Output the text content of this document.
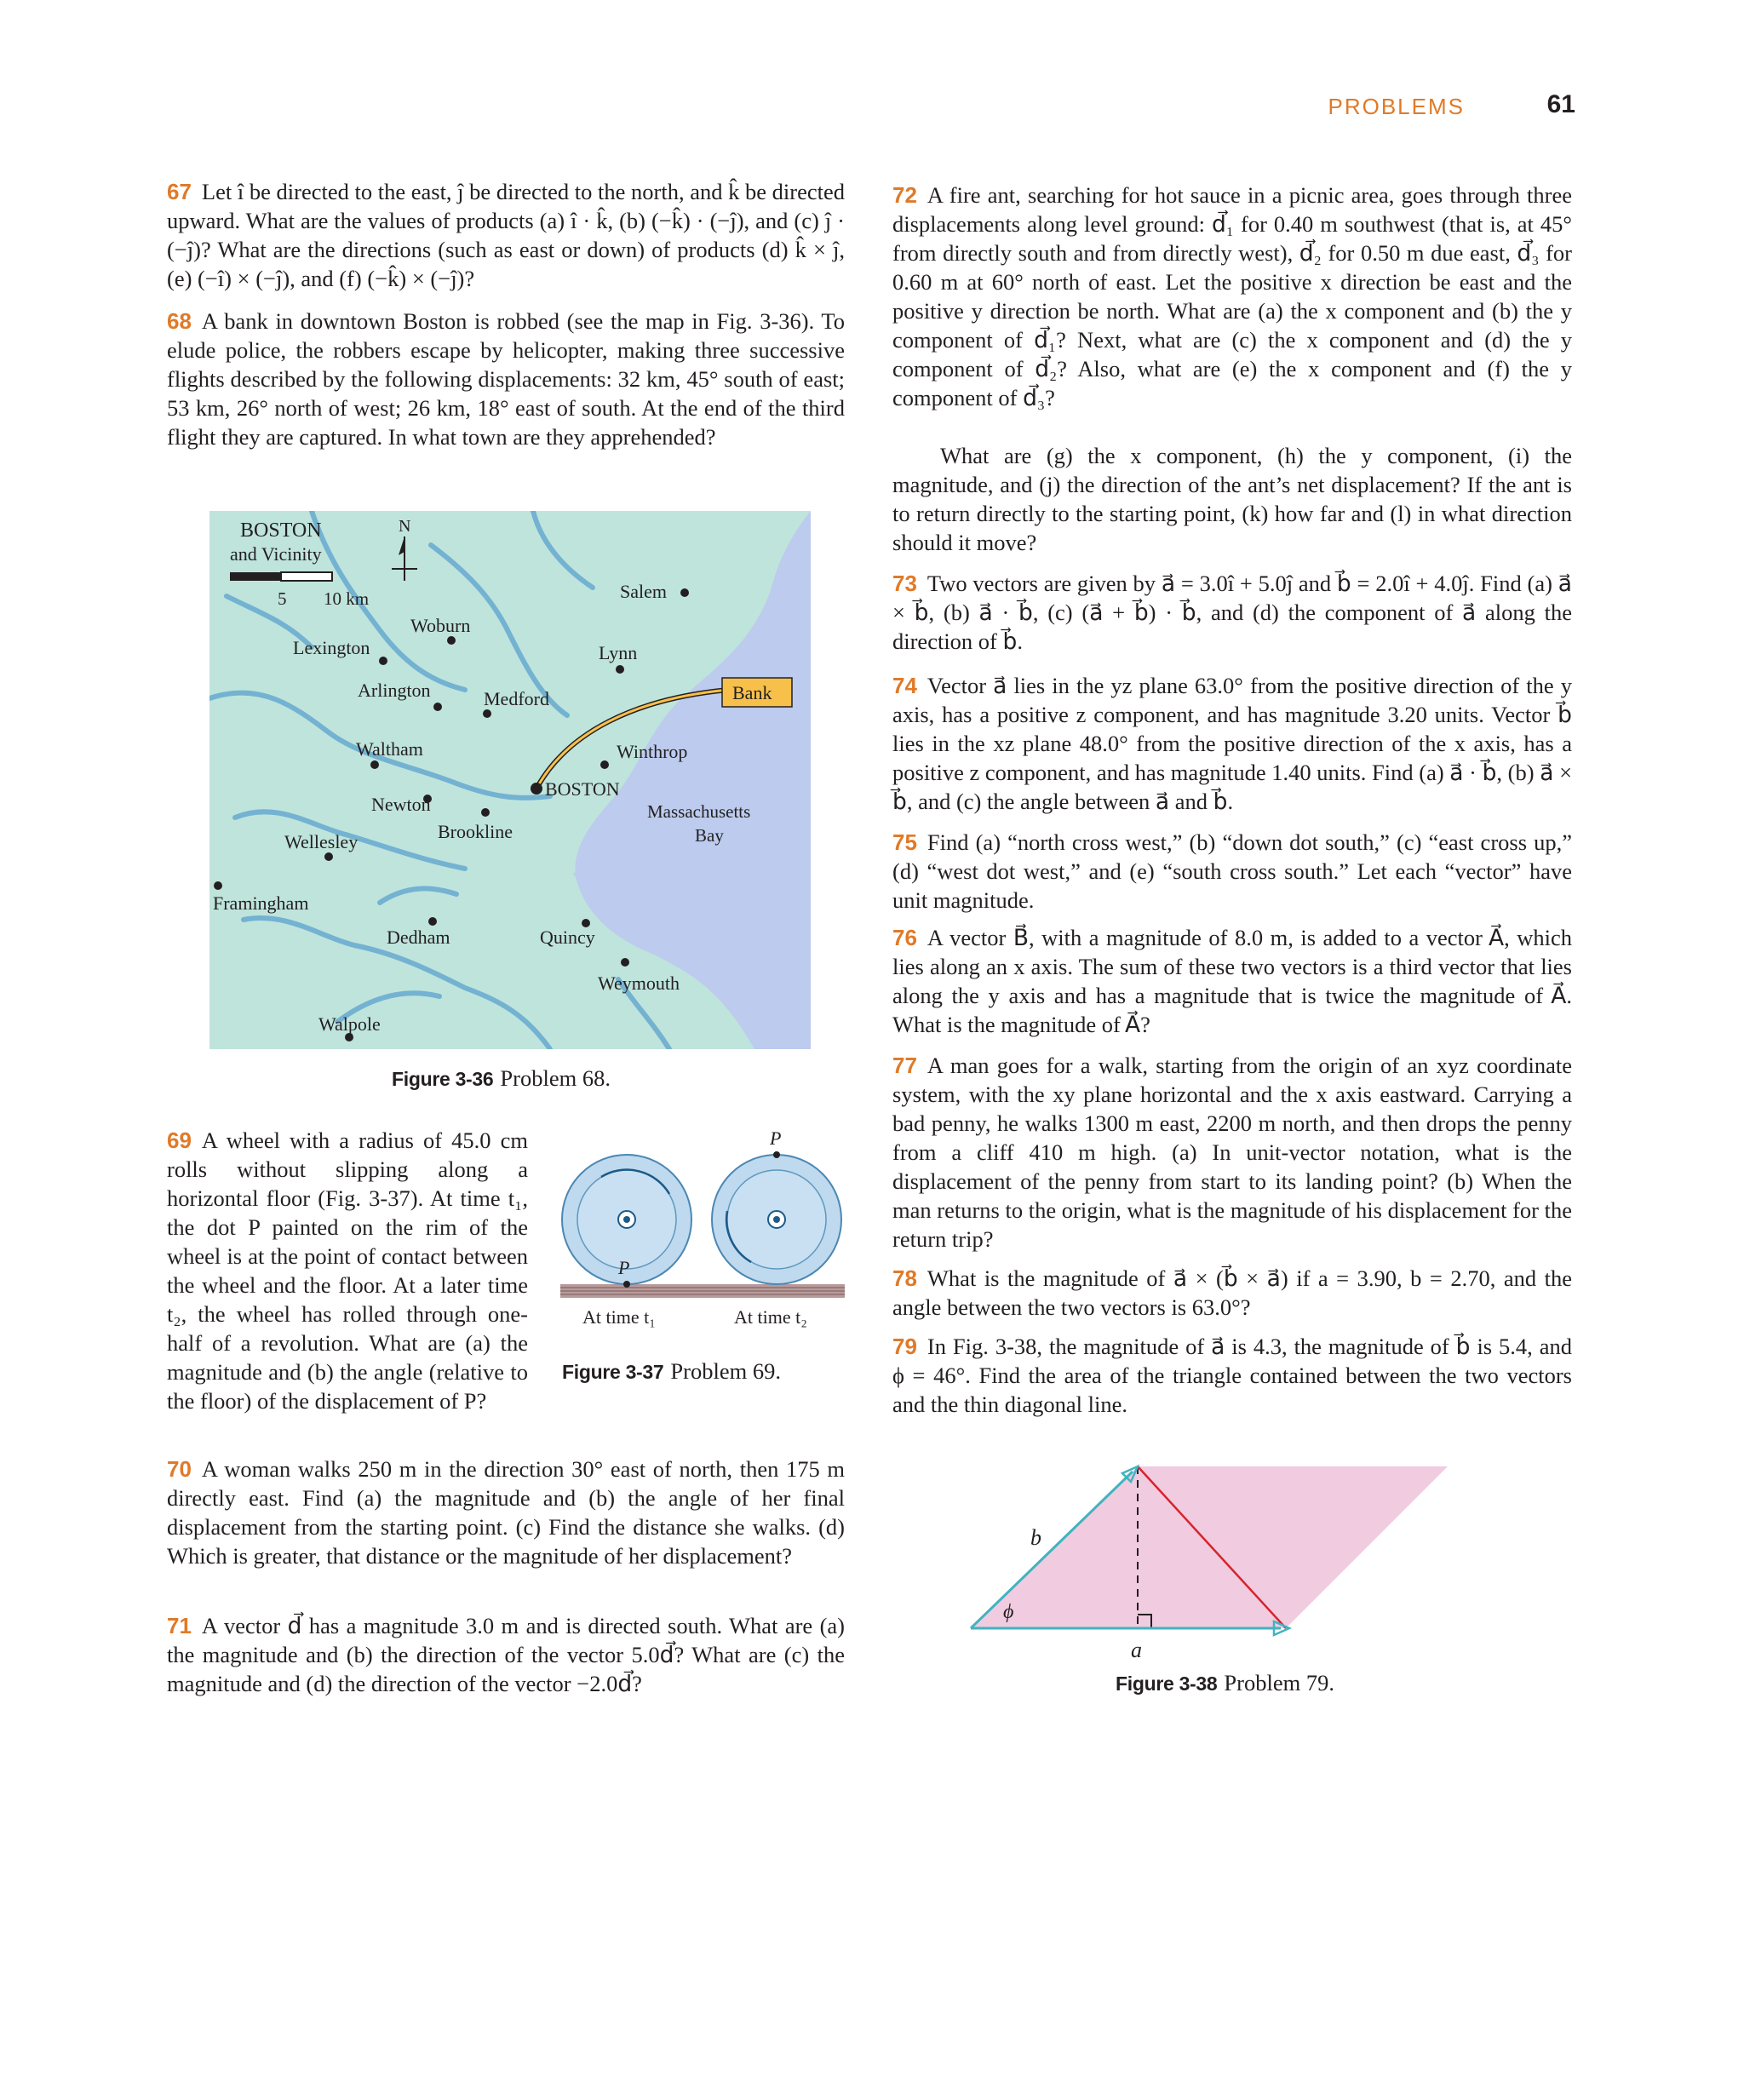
PROBLEMS	61

67 Let î be directed to the east, ĵ be directed to the north, and k̂ be directed upward. What are the values of products (a) î · k̂, (b) (−k̂) · (−ĵ), and (c) ĵ · (−ĵ)? What are the directions (such as east or down) of products (d) k̂ × ĵ, (e) (−î) × (−ĵ), and (f) (−k̂) × (−ĵ)?

68 A bank in downtown Boston is robbed (see the map in Fig. 3-36). To elude police, the robbers escape by helicopter, making three successive flights described by the following displacements: 32 km, 45° south of east; 53 km, 26° north of west; 26 km, 18° east of south. At the end of the third flight they are captured. In what town are they apprehended?

BOSTON
and Vicinity
N
5 10 km
Bank
Massachusetts
Bay
Salem
Woburn
Lexington	Lynn
Arlington	Medford
Waltham	Winthrop
BOSTON
Newton
Brookline
Wellesley
Framingham
Dedham	Quincy
Weymouth
Walpole
Figure 3-36 Problem 68.

69 A wheel with a radius of 45.0 cm rolls without slipping along a horizontal floor (Fig. 3-37). At time t₁, the dot P painted on the rim of the wheel is at the point of contact between the wheel and the floor. At a later time t₂, the wheel has rolled through one-half of a revolution. What are (a) the magnitude and (b) the angle (relative to the floor) of the displacement of P?

P
P
At time t₁	At time t₂
Figure 3-37 Problem 69.

70 A woman walks 250 m in the direction 30° east of north, then 175 m directly east. Find (a) the magnitude and (b) the angle of her final displacement from the starting point. (c) Find the distance she walks. (d) Which is greater, that distance or the magnitude of her displacement?

71 A vector d⃗ has a magnitude 3.0 m and is directed south. What are (a) the magnitude and (b) the direction of the vector 5.0d⃗? What are (c) the magnitude and (d) the direction of the vector −2.0d⃗?

72 A fire ant, searching for hot sauce in a picnic area, goes through three displacements along level ground: d⃗₁ for 0.40 m southwest (that is, at 45° from directly south and from directly west), d⃗₂ for 0.50 m due east, d⃗₃ for 0.60 m at 60° north of east. Let the positive x direction be east and the positive y direction be north. What are (a) the x component and (b) the y component of d⃗₁? Next, what are (c) the x component and (d) the y component of d⃗₂? Also, what are (e) the x component and (f) the y component of d⃗₃?

What are (g) the x component, (h) the y component, (i) the magnitude, and (j) the direction of the ant’s net displacement? If the ant is to return directly to the starting point, (k) how far and (l) in what direction should it move?

73 Two vectors are given by a⃗ = 3.0î + 5.0ĵ and b⃗ = 2.0î + 4.0ĵ. Find (a) a⃗ × b⃗, (b) a⃗ · b⃗, (c) (a⃗ + b⃗) · b⃗, and (d) the component of a⃗ along the direction of b⃗.

74 Vector a⃗ lies in the yz plane 63.0° from the positive direction of the y axis, has a positive z component, and has magnitude 3.20 units. Vector b⃗ lies in the xz plane 48.0° from the positive direction of the x axis, has a positive z component, and has magnitude 1.40 units. Find (a) a⃗ · b⃗, (b) a⃗ × b⃗, and (c) the angle between a⃗ and b⃗.

75 Find (a) “north cross west,” (b) “down dot south,” (c) “east cross up,” (d) “west dot west,” and (e) “south cross south.” Let each “vector” have unit magnitude.

76 A vector B⃗, with a magnitude of 8.0 m, is added to a vector A⃗, which lies along an x axis. The sum of these two vectors is a third vector that lies along the y axis and has a magnitude that is twice the magnitude of A⃗. What is the magnitude of A⃗?

77 A man goes for a walk, starting from the origin of an xyz coordinate system, with the xy plane horizontal and the x axis eastward. Carrying a bad penny, he walks 1300 m east, 2200 m north, and then drops the penny from a cliff 410 m high. (a) In unit-vector notation, what is the displacement of the penny from start to its landing point? (b) When the man returns to the origin, what is the magnitude of his displacement for the return trip?

78 What is the magnitude of a⃗ × (b⃗ × a⃗) if a = 3.90, b = 2.70, and the angle between the two vectors is 63.0°?

79 In Fig. 3-38, the magnitude of a⃗ is 4.3, the magnitude of b⃗ is 5.4, and ϕ = 46°. Find the area of the triangle contained between the two vectors and the thin diagonal line.

b⃗
a⃗
ϕ
Figure 3-38 Problem 79.
